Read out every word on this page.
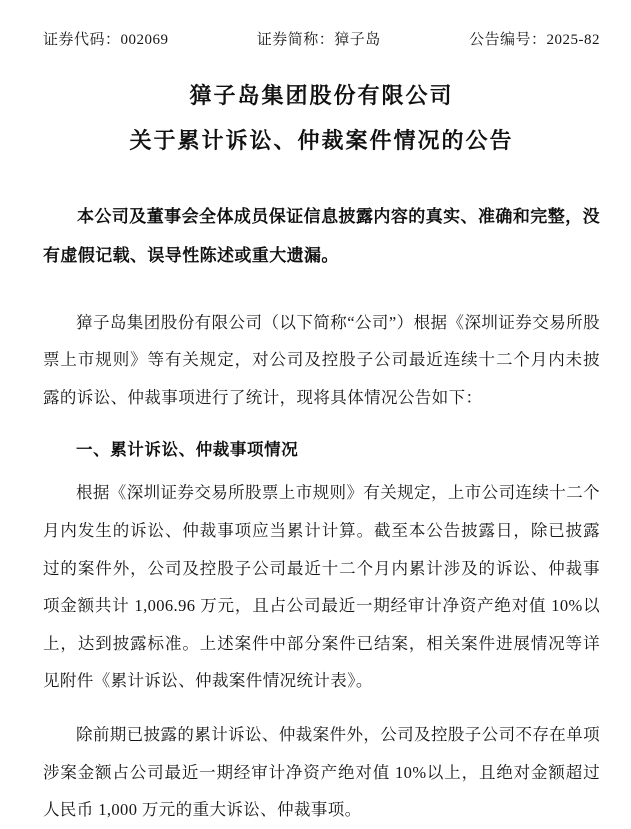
证券代码：002069	证券简称：獐子岛	公告编号：2025-82
獐子岛集团股份有限公司
关于累计诉讼、仲裁案件情况的公告

本公司及董事会全体成员保证信息披露内容的真实、准确和完整，没有虚假记载、误导性陈述或重大遗漏。

獐子岛集团股份有限公司（以下简称“公司”）根据《深圳证券交易所股票上市规则》等有关规定，对公司及控股子公司最近连续十二个月内未披露的诉讼、仲裁事项进行了统计，现将具体情况公告如下：

一、累计诉讼、仲裁事项情况

根据《深圳证券交易所股票上市规则》有关规定，上市公司连续十二个月内发生的诉讼、仲裁事项应当累计计算。截至本公告披露日，除已披露过的案件外，公司及控股子公司最近十二个月内累计涉及的诉讼、仲裁事项金额共计 1,006.96 万元，且占公司最近一期经审计净资产绝对值 10%以上，达到披露标准。上述案件中部分案件已结案，相关案件进展情况等详见附件《累计诉讼、仲裁案件情况统计表》。

除前期已披露的累计诉讼、仲裁案件外，公司及控股子公司不存在单项涉案金额占公司最近一期经审计净资产绝对值 10%以上，且绝对金额超过人民币 1,000 万元的重大诉讼、仲裁事项。
